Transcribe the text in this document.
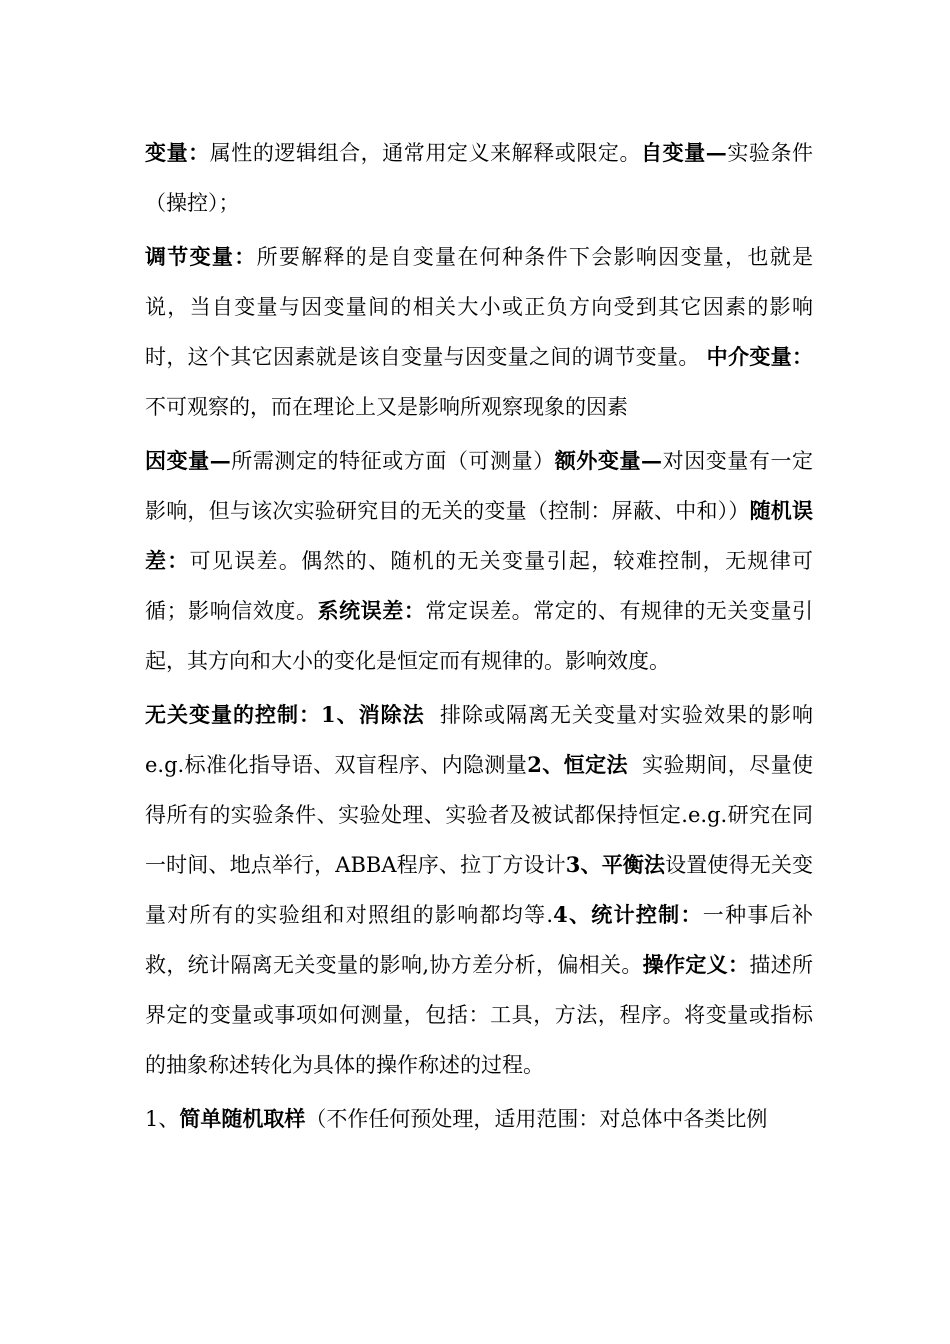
变量：属性的逻辑组合，通常用定义来解释或限定。自变量—实验条件（操控）；

调节变量：所要解释的是自变量在何种条件下会影响因变量，也就是说，当自变量与因变量间的相关大小或正负方向受到其它因素的影响时，这个其它因素就是该自变量与因变量之间的调节变量。 中介变量：不可观察的，而在理论上又是影响所观察现象的因素

因变量—所需测定的特征或方面（可测量）额外变量—对因变量有一定影响，但与该次实验研究目的无关的变量（控制：屏蔽、中和））随机误差：可见误差。偶然的、随机的无关变量引起，较难控制，无规律可循；影响信效度。系统误差：常定误差。常定的、有规律的无关变量引起，其方向和大小的变化是恒定而有规律的。影响效度。

无关变量的控制：1、消除法  排除或隔离无关变量对实验效果的影响 e.g.标准化指导语、双盲程序、内隐测量2、恒定法  实验期间，尽量使得所有的实验条件、实验处理、实验者及被试都保持恒定.e.g.研究在同一时间、地点举行，ABBA程序、拉丁方设计3、平衡法设置使得无关变量对所有的实验组和对照组的影响都均等.4、统计控制：一种事后补救，统计隔离无关变量的影响,协方差分析，偏相关。操作定义：描述所界定的变量或事项如何测量，包括：工具，方法，程序。将变量或指标的抽象称述转化为具体的操作称述的过程。

1、简单随机取样（不作任何预处理，适用范围：对总体中各类比例
